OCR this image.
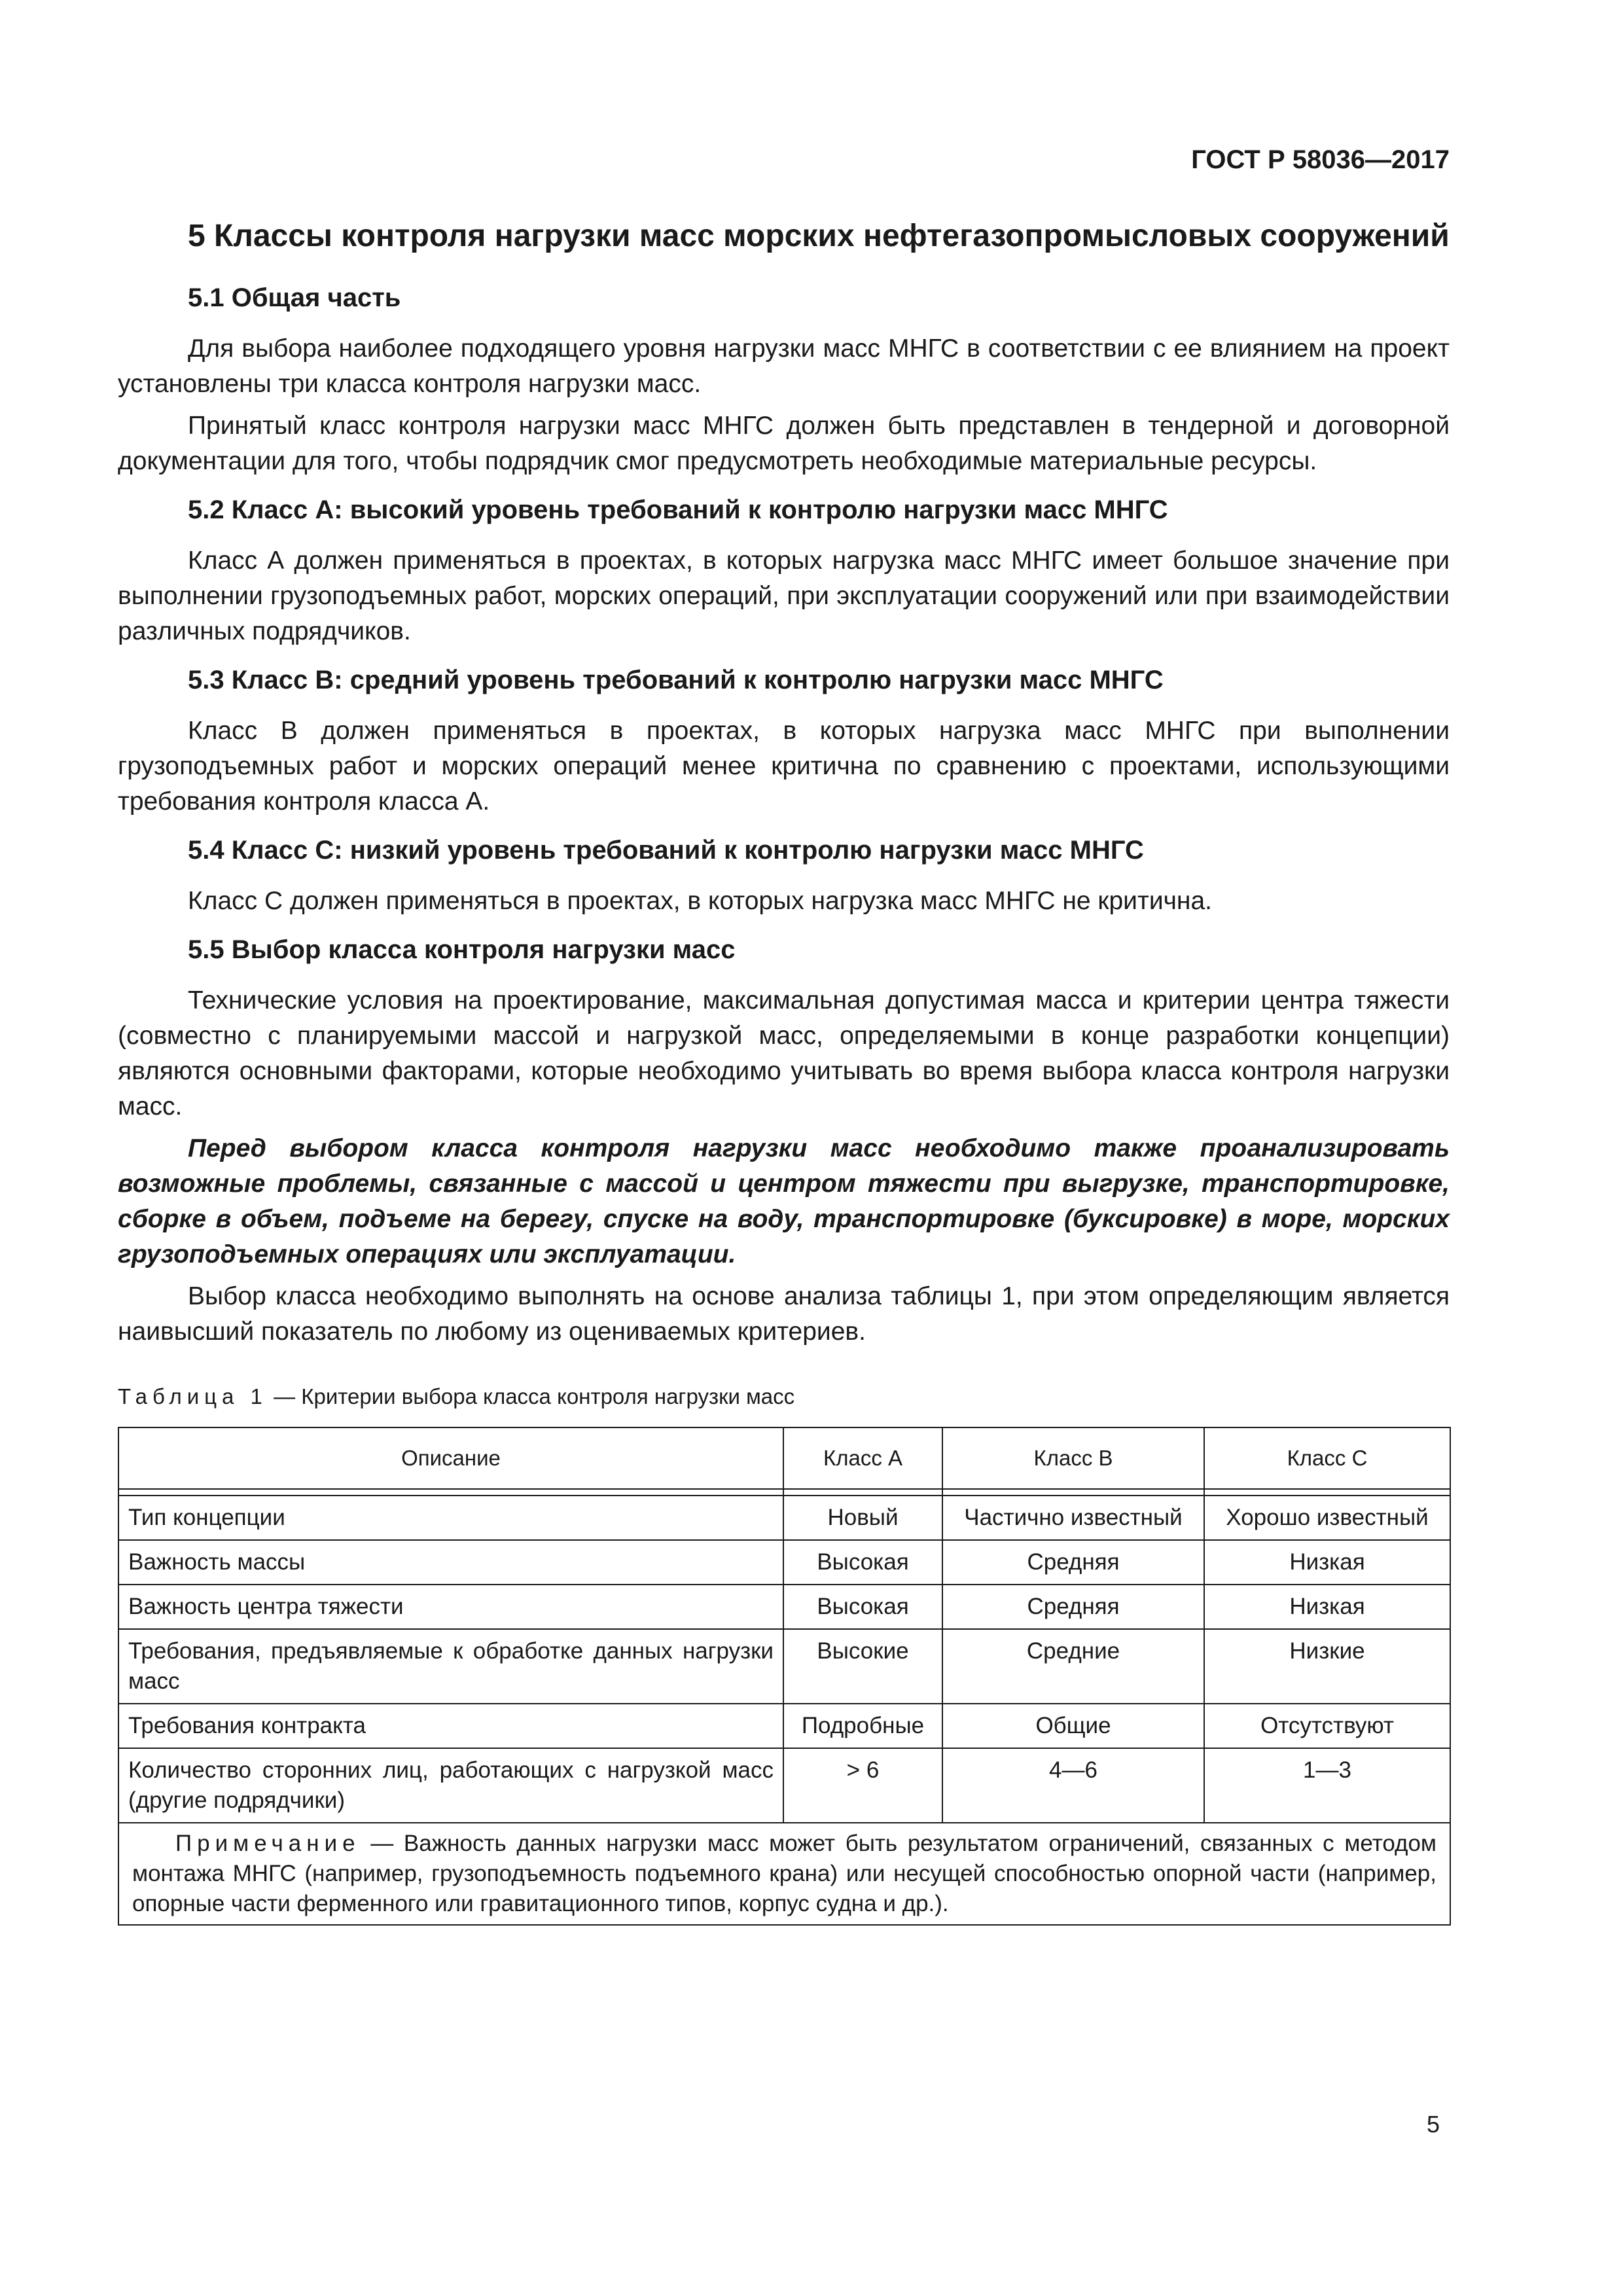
ГОСТ Р 58036—2017
5 Классы контроля нагрузки масс морских нефтегазопромысловых сооружений
5.1 Общая часть
Для выбора наиболее подходящего уровня нагрузки масс МНГС в соответствии с ее влиянием на проект установлены три класса контроля нагрузки масс.
Принятый класс контроля нагрузки масс МНГС должен быть представлен в тендерной и договорной документации для того, чтобы подрядчик смог предусмотреть необходимые материальные ресурсы.
5.2 Класс А: высокий уровень требований к контролю нагрузки масс МНГС
Класс А должен применяться в проектах, в которых нагрузка масс МНГС имеет большое значение при выполнении грузоподъемных работ, морских операций, при эксплуатации сооружений или при взаимодействии различных подрядчиков.
5.3 Класс В: средний уровень требований к контролю нагрузки масс МНГС
Класс В должен применяться в проектах, в которых нагрузка масс МНГС при выполнении грузоподъемных работ и морских операций менее критична по сравнению с проектами, использующими требования контроля класса А.
5.4 Класс С: низкий уровень требований к контролю нагрузки масс МНГС
Класс С должен применяться в проектах, в которых нагрузка масс МНГС не критична.
5.5 Выбор класса контроля нагрузки масс
Технические условия на проектирование, максимальная допустимая масса и критерии центра тяжести (совместно с планируемыми массой и нагрузкой масс, определяемыми в конце разработки концепции) являются основными факторами, которые необходимо учитывать во время выбора класса контроля нагрузки масс.
Перед выбором класса контроля нагрузки масс необходимо также проанализировать возможные проблемы, связанные с массой и центром тяжести при выгрузке, транспортировке, сборке в объем, подъеме на берегу, спуске на воду, транспортировке (буксировке) в море, морских грузоподъемных операциях или эксплуатации.
Выбор класса необходимо выполнять на основе анализа таблицы 1, при этом определяющим является наивысший показатель по любому из оцениваемых критериев.
Таблица 1 — Критерии выбора класса контроля нагрузки масс
Описание	Класс А	Класс В	Класс С

Тип концепции	Новый	Частично известный	Хорошо известный
Важность массы	Высокая	Средняя	Низкая
Важность центра тяжести	Высокая	Средняя	Низкая
Требования, предъявляемые к обработке данных нагрузки масс	Высокие	Средние	Низкие
Требования контракта	Подробные	Общие	Отсутствуют
Количество сторонних лиц, работающих с нагрузкой масс (другие подрядчики)	> 6	4—6	1—3
Примечание — Важность данных нагрузки масс может быть результатом ограничений, связанных с методом монтажа МНГС (например, грузоподъемность подъемного крана) или несущей способностью опорной части (например, опорные части ферменного или гравитационного типов, корпус судна и др.).			
5
